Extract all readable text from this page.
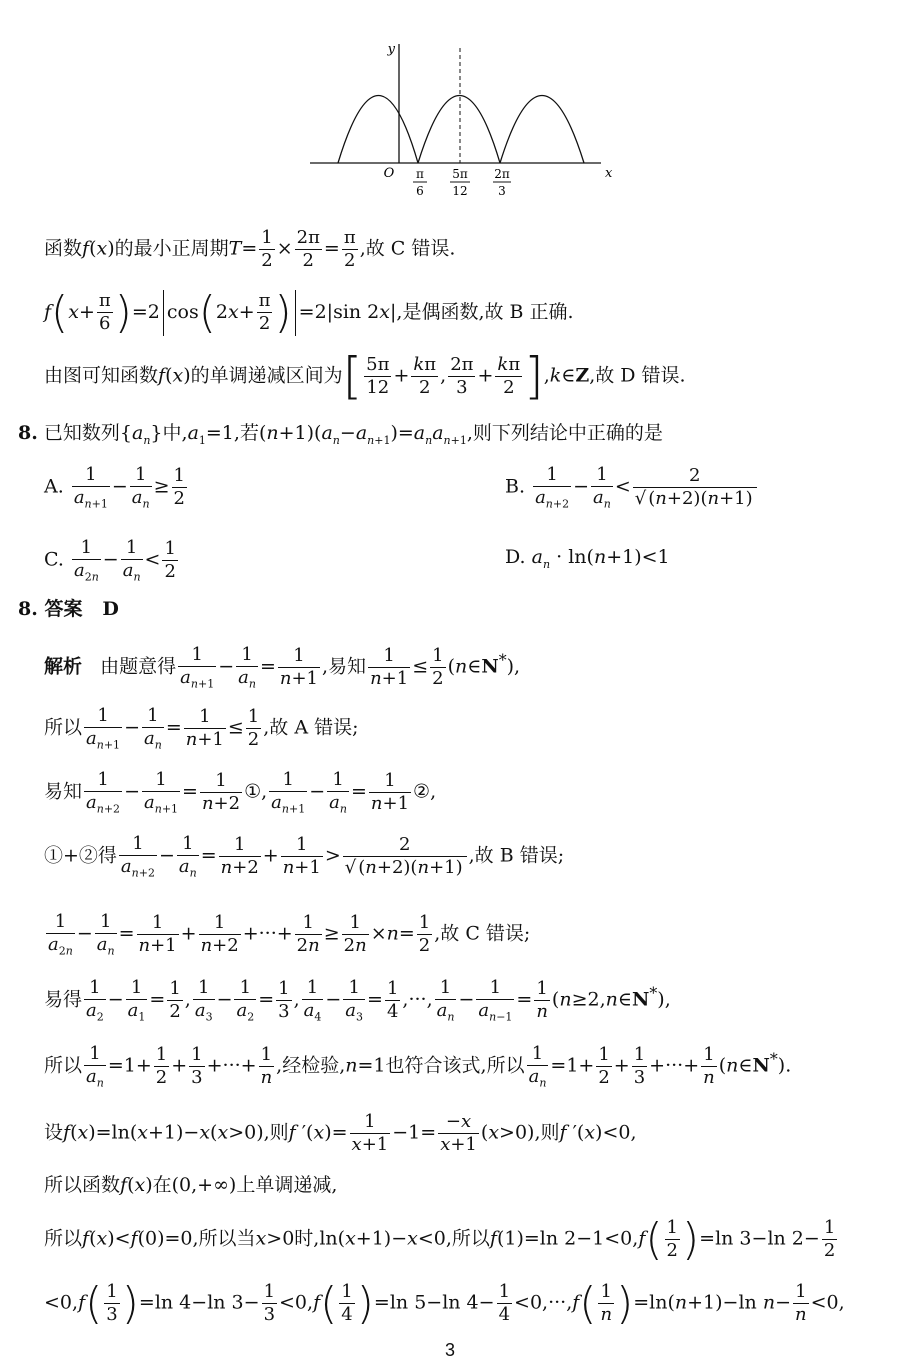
y
x
O π
6
5π
12
2π
3
函数f(x)的最小正周期$T= \frac{1}{2} \times \frac{2\pi}{2} = \frac{\pi}{2}$ ,故 C 错误.
$f(x+ \frac{\pi}{6} )=2$ $\cos(2x+ \frac{\pi}{2}$ ) =2|sin 2x|,是偶函数,故 B 正确.
由图可知函数f(x)的单调递减区间为[ $\frac{5\pi}{12} + \frac{k\pi}{2}$ , $\frac{2\pi}{3} + \frac{k\pi}{2}$ ],k∈Z,故 D 错误.
8. 已知数列$\{a_n\}$中$,a_1=1$,若$(n+1)(a_n-a_{n+1})=a_na_{n+1}$,则下列结论中正确的是
A. $\frac{1}{a_{n+1}} - \frac{1}{a_n} \ge \frac{1}{2}$	B. $\frac{1}{a_{n+2}} - \frac{1}{a_n} < \frac{2}{√ (n+2)(n+1)}$
C. $\frac{1}{a_{2n}} - \frac{1}{a_n} < \frac{1}{2}$	D. $a_n \cdot \ln(n+1)<1$
8. 答案 D
解析 由题意得 $\frac{1}{a_{n+1}} - \frac{1}{a_n} = \frac{1}{n+1}$ ,易知 $\frac{1}{n+1} \le \frac{1}{2}$ (n∈N*),
所以 $\frac{1}{a_{n+1}} - \frac{1}{a_n} = \frac{1}{n+1} \le \frac{1}{2}$ ,故 A 错误;
易知 $\frac{1}{a_{n+2}} - \frac{1}{a_{n+1}} = \frac{1}{n+2}$ ①, $\frac{1}{a_{n+1}} - \frac{1}{a_n} = \frac{1}{n+1}$ ②,
①+②得 $\frac{1}{a_{n+2}} - \frac{1}{a_n} = \frac{1}{n+2} + \frac{1}{n+1} > \frac{2}{√ (n+2)(n+1)}$ ,故 B 错误;
$\frac{1}{a_{2n}} - \frac{1}{a_n} = \frac{1}{n+1} + \frac{1}{n+2}$ +···+ $\frac{1}{2n} \ge \frac{1}{2n} \times n= \frac{1}{2}$ ,故 C 错误;
易得 $\frac{1}{a_2} - \frac{1}{a_1} = \frac{1}{2}$ , $\frac{1}{a_3} - \frac{1}{a_2} = \frac{1}{3}$ , $\frac{1}{a_4} - \frac{1}{a_3} = \frac{1}{4}$ ,···, $\frac{1}{a_n} - \frac{1}{a_{n-1}} = \frac{1}{n}$ (n≥2,n∈N*),
所以 $\frac{1}{a_n} =1+ \frac{1}{2} + \frac{1}{3}$ +···+ $\frac{1}{n}$ ,经检验,n=1也符合该式,所以 $\frac{1}{a_n} =1+ \frac{1}{2} + \frac{1}{3}$ +···+ $\frac{1}{n}$ (n∈N*).
设f(x)=ln(x+1)−x(x>0),则f $'(x)= \frac{1}{x+1} -1= \frac{-x}{x+1} (x>0)$,则f ′(x)<0,
所以函数f(x)在(0,+∞)上单调递减,
所以f(x)<f(0)=0,所以当x>0时,ln(x+1)−x<0,所以f(1)=ln $2-1<0,f( \frac{1}{2} )=\ln$ 3−ln $2- \frac{1}{2}$
$<0,f( \frac{1}{3} )=\ln$ 4−ln $3- \frac{1}{3} <0,f( \frac{1}{4} )=\ln$ 5−ln $4- \frac{1}{4} <0,\cdot\cdot\cdot,f( \frac{1}{n} )=\ln(n+1)-\ln$ $n- \frac{1}{n} <0$,
3
